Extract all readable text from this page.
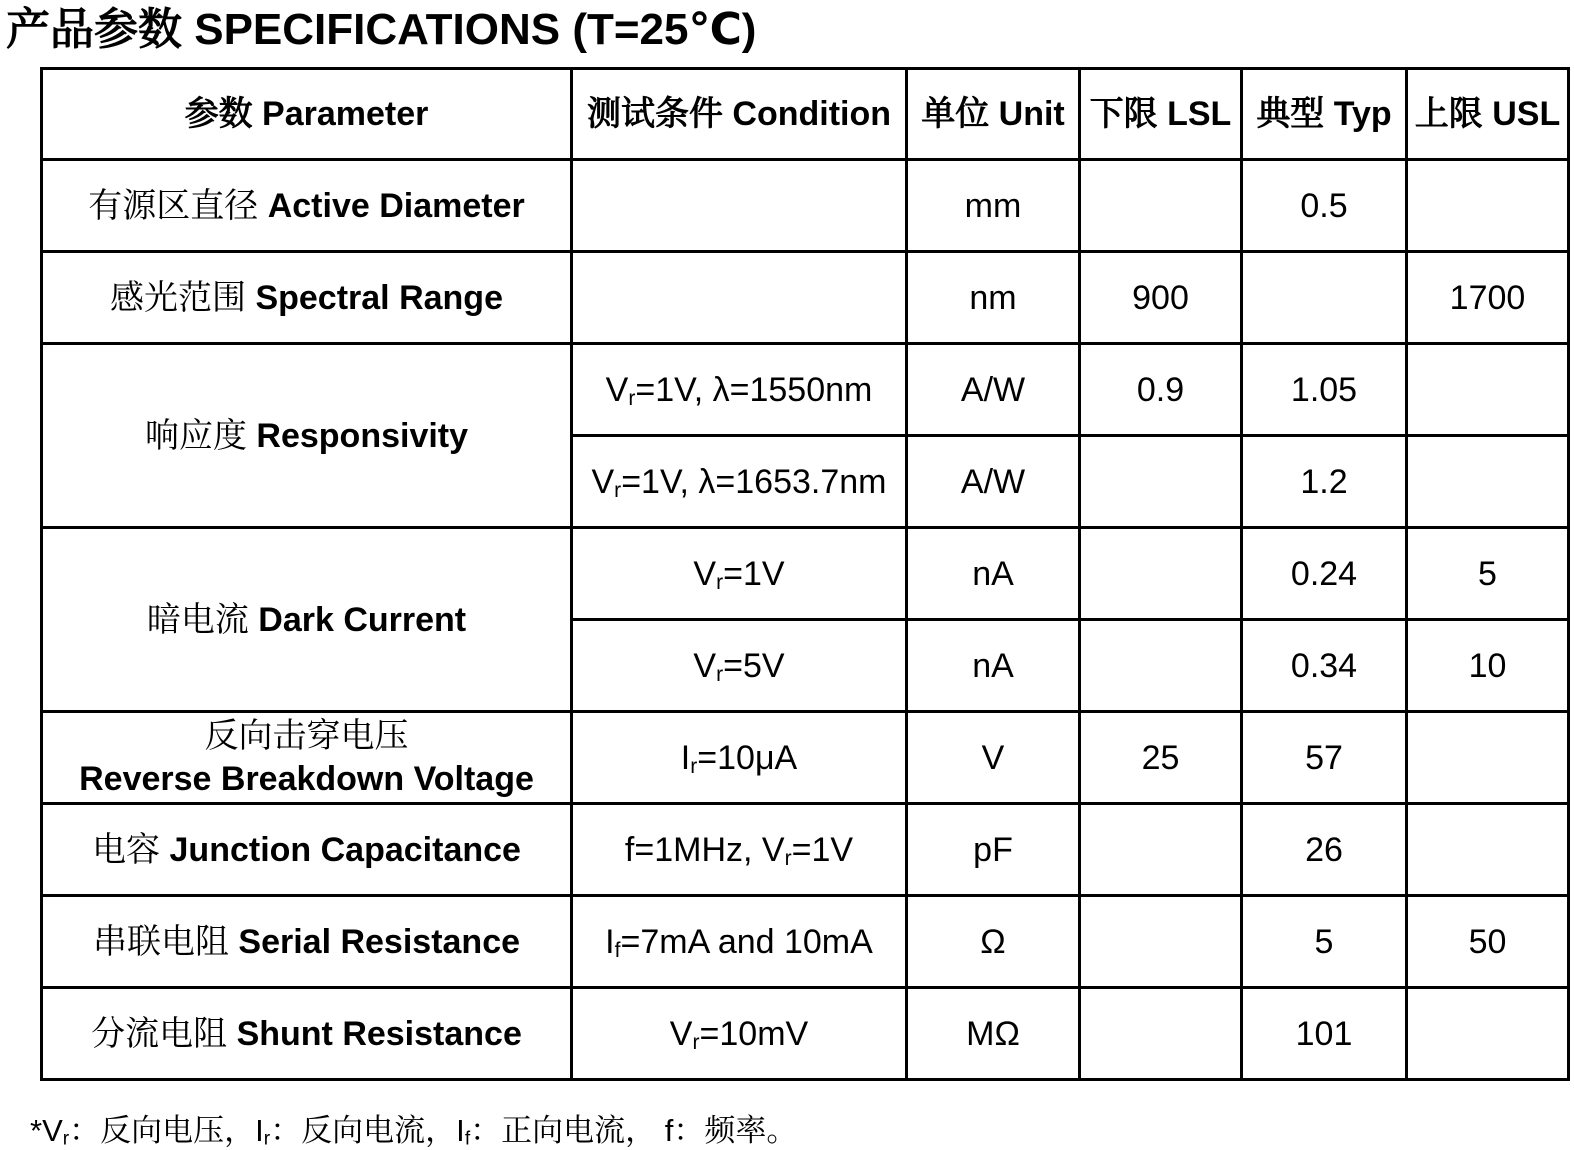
产品参数 SPECIFICATIONS (T=25℃)
参数 Parameter	测试条件 Condition	单位 Unit	下限 LSL	典型 Typ	上限 USL
有源区直径 Active Diameter		mm		0.5	
感光范围 Spectral Range		nm	900		1700
响应度 Responsivity	$V_r=1V$, λ=1550nm	A/W	0.9	1.05	
	$V_r=1V$, λ=1653.7nm	A/W		1.2	
暗电流 Dark Current	$V_r=1V$	nA		0.24	5
	$V_r=5V$	nA		0.34	10
反向击穿电压 Reverse Breakdown Voltage	$I_r=10\mu A$	V	25	57	
电容 Junction Capacitance	f=1MHz, $V_r=1V$	pF		26	
串联电阻 Serial Resistance	$I_f=7mA$ and 10mA	Ω		5	50
分流电阻 Shunt Resistance	$V_r=10mV$	MΩ		101	

$*V_r$：反向电压，$I_r$：反向电流，$I_f$：正向电流， f：频率。
